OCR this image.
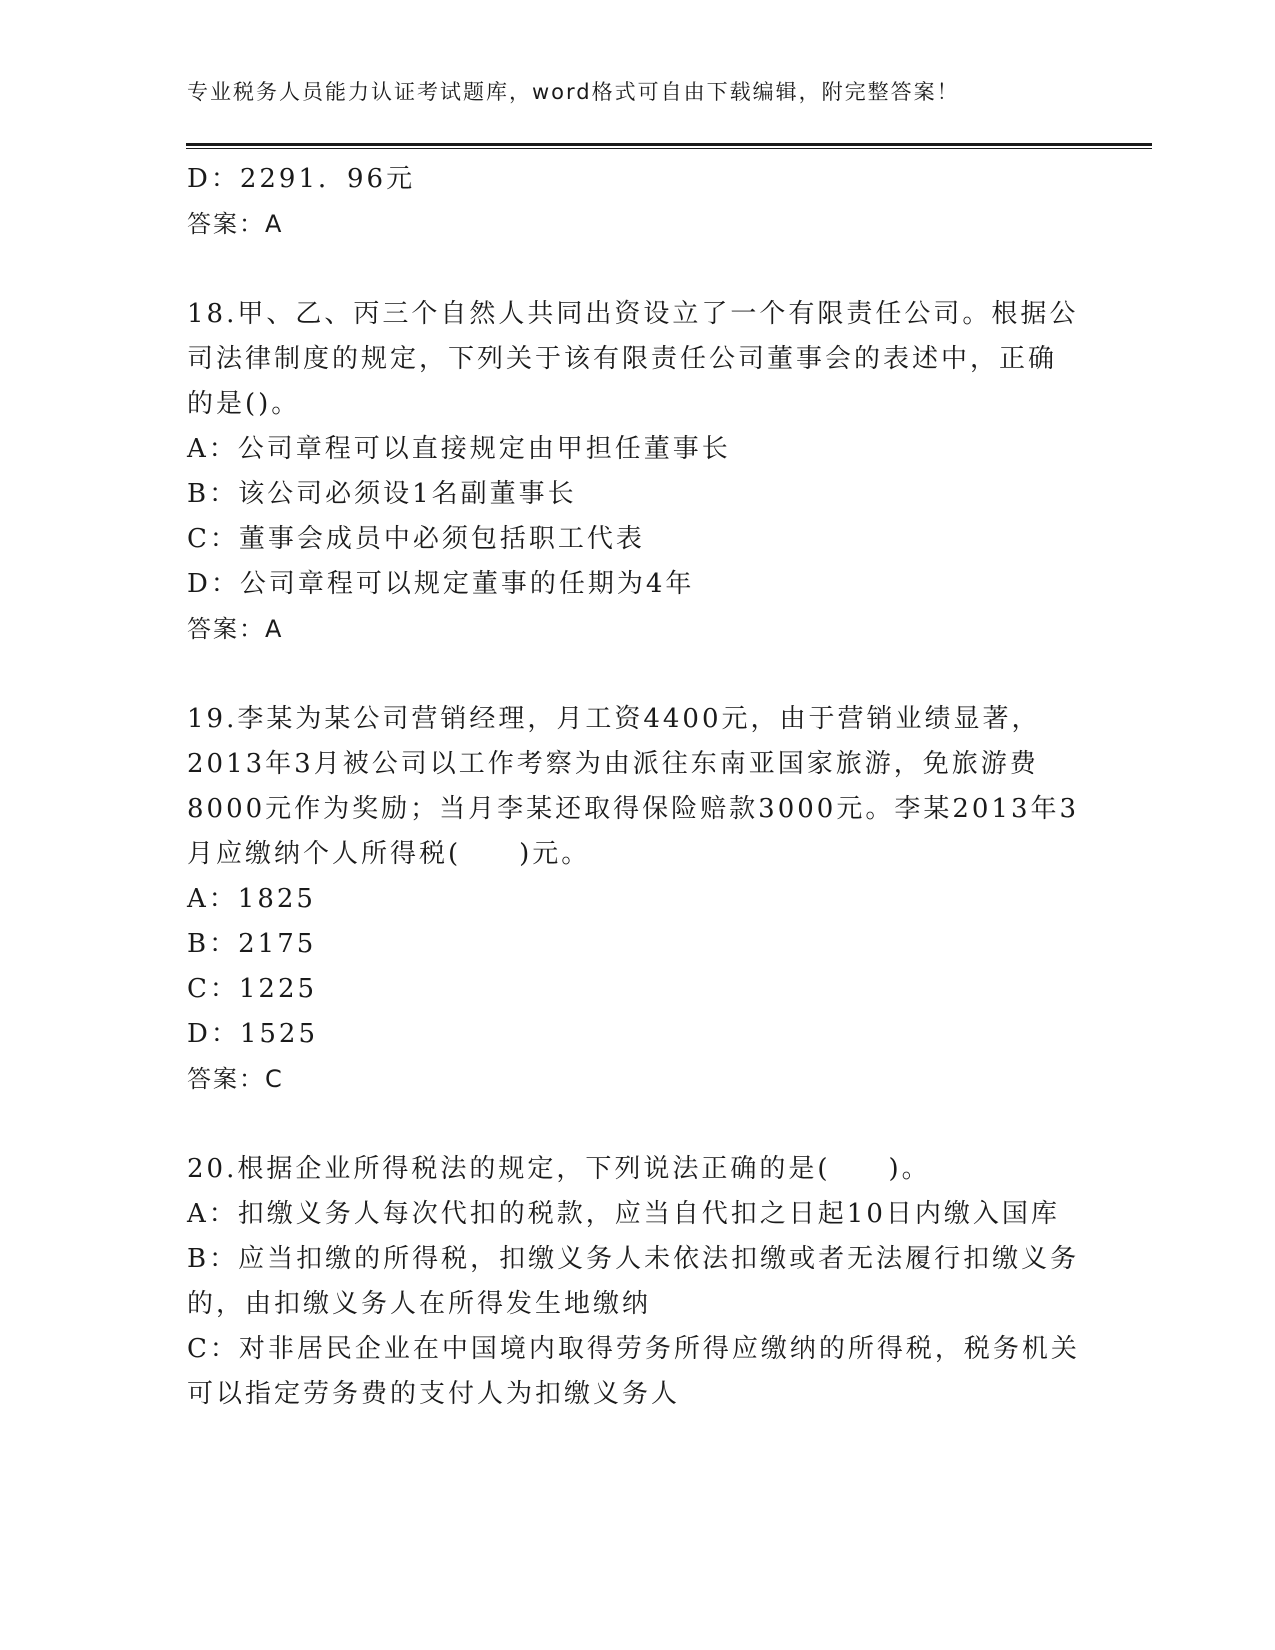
专业税务人员能力认证考试题库，word格式可自由下载编辑，附完整答案！
D：2291．96元
答案：A
18.甲、乙、丙三个自然人共同出资设立了一个有限责任公司。根据公
司法律制度的规定，下列关于该有限责任公司董事会的表述中，正确
的是()。
A：公司章程可以直接规定由甲担任董事长
B：该公司必须设1名副董事长
C：董事会成员中必须包括职工代表
D：公司章程可以规定董事的任期为4年
答案：A
19.李某为某公司营销经理，月工资4400元，由于营销业绩显著，
2013年3月被公司以工作考察为由派往东南亚国家旅游，免旅游费
8000元作为奖励；当月李某还取得保险赔款3000元。李某2013年3
月应缴纳个人所得税(　　)元。
A：1825
B：2175
C：1225
D：1525
答案：C
20.根据企业所得税法的规定，下列说法正确的是(　　)。
A：扣缴义务人每次代扣的税款，应当自代扣之日起10日内缴入国库
B：应当扣缴的所得税，扣缴义务人未依法扣缴或者无法履行扣缴义务
的，由扣缴义务人在所得发生地缴纳
C：对非居民企业在中国境内取得劳务所得应缴纳的所得税，税务机关
可以指定劳务费的支付人为扣缴义务人
